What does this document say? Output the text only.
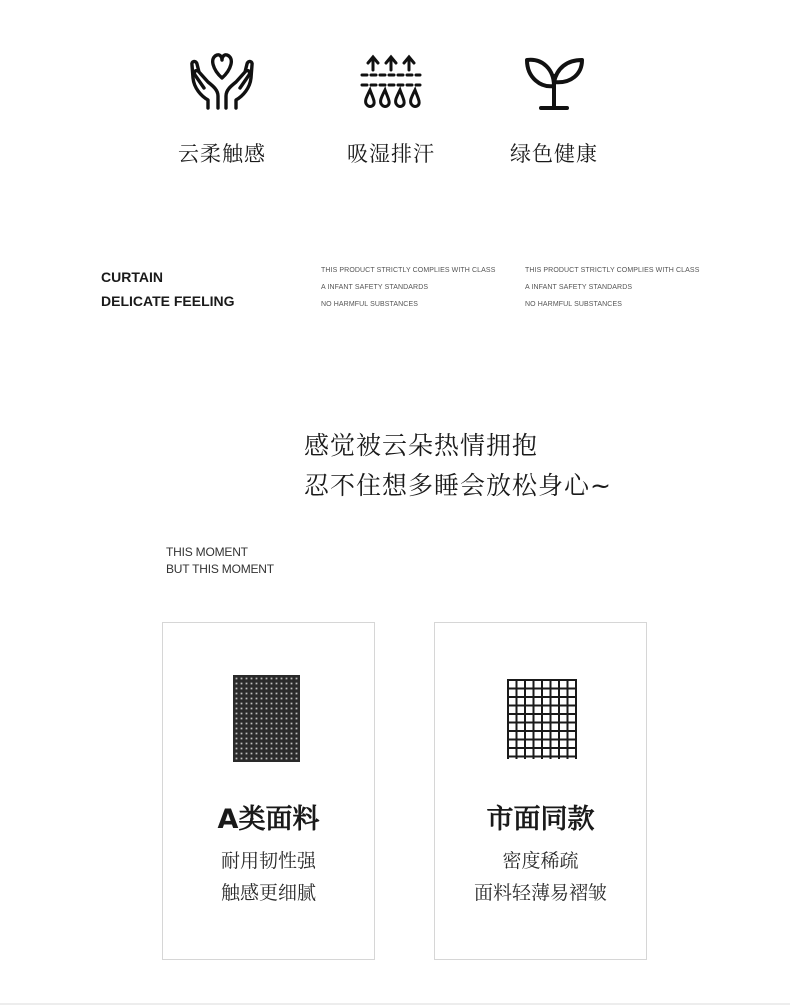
云柔触感	吸湿排汗	绿色健康
CURTAIN
DELICATE FEELING
THIS PRODUCT STRICTLY COMPLIES WITH CLASS
A INFANT SAFETY STANDARDS
NO HARMFUL SUBSTANCES
THIS PRODUCT STRICTLY COMPLIES WITH CLASS
A INFANT SAFETY STANDARDS
NO HARMFUL SUBSTANCES
感觉被云朵热情拥抱
忍不住想多睡会放松身心~
THIS MOMENT
BUT THIS MOMENT
A类面料
耐用韧性强
触感更细腻
市面同款
密度稀疏
面料轻薄易褶皱
